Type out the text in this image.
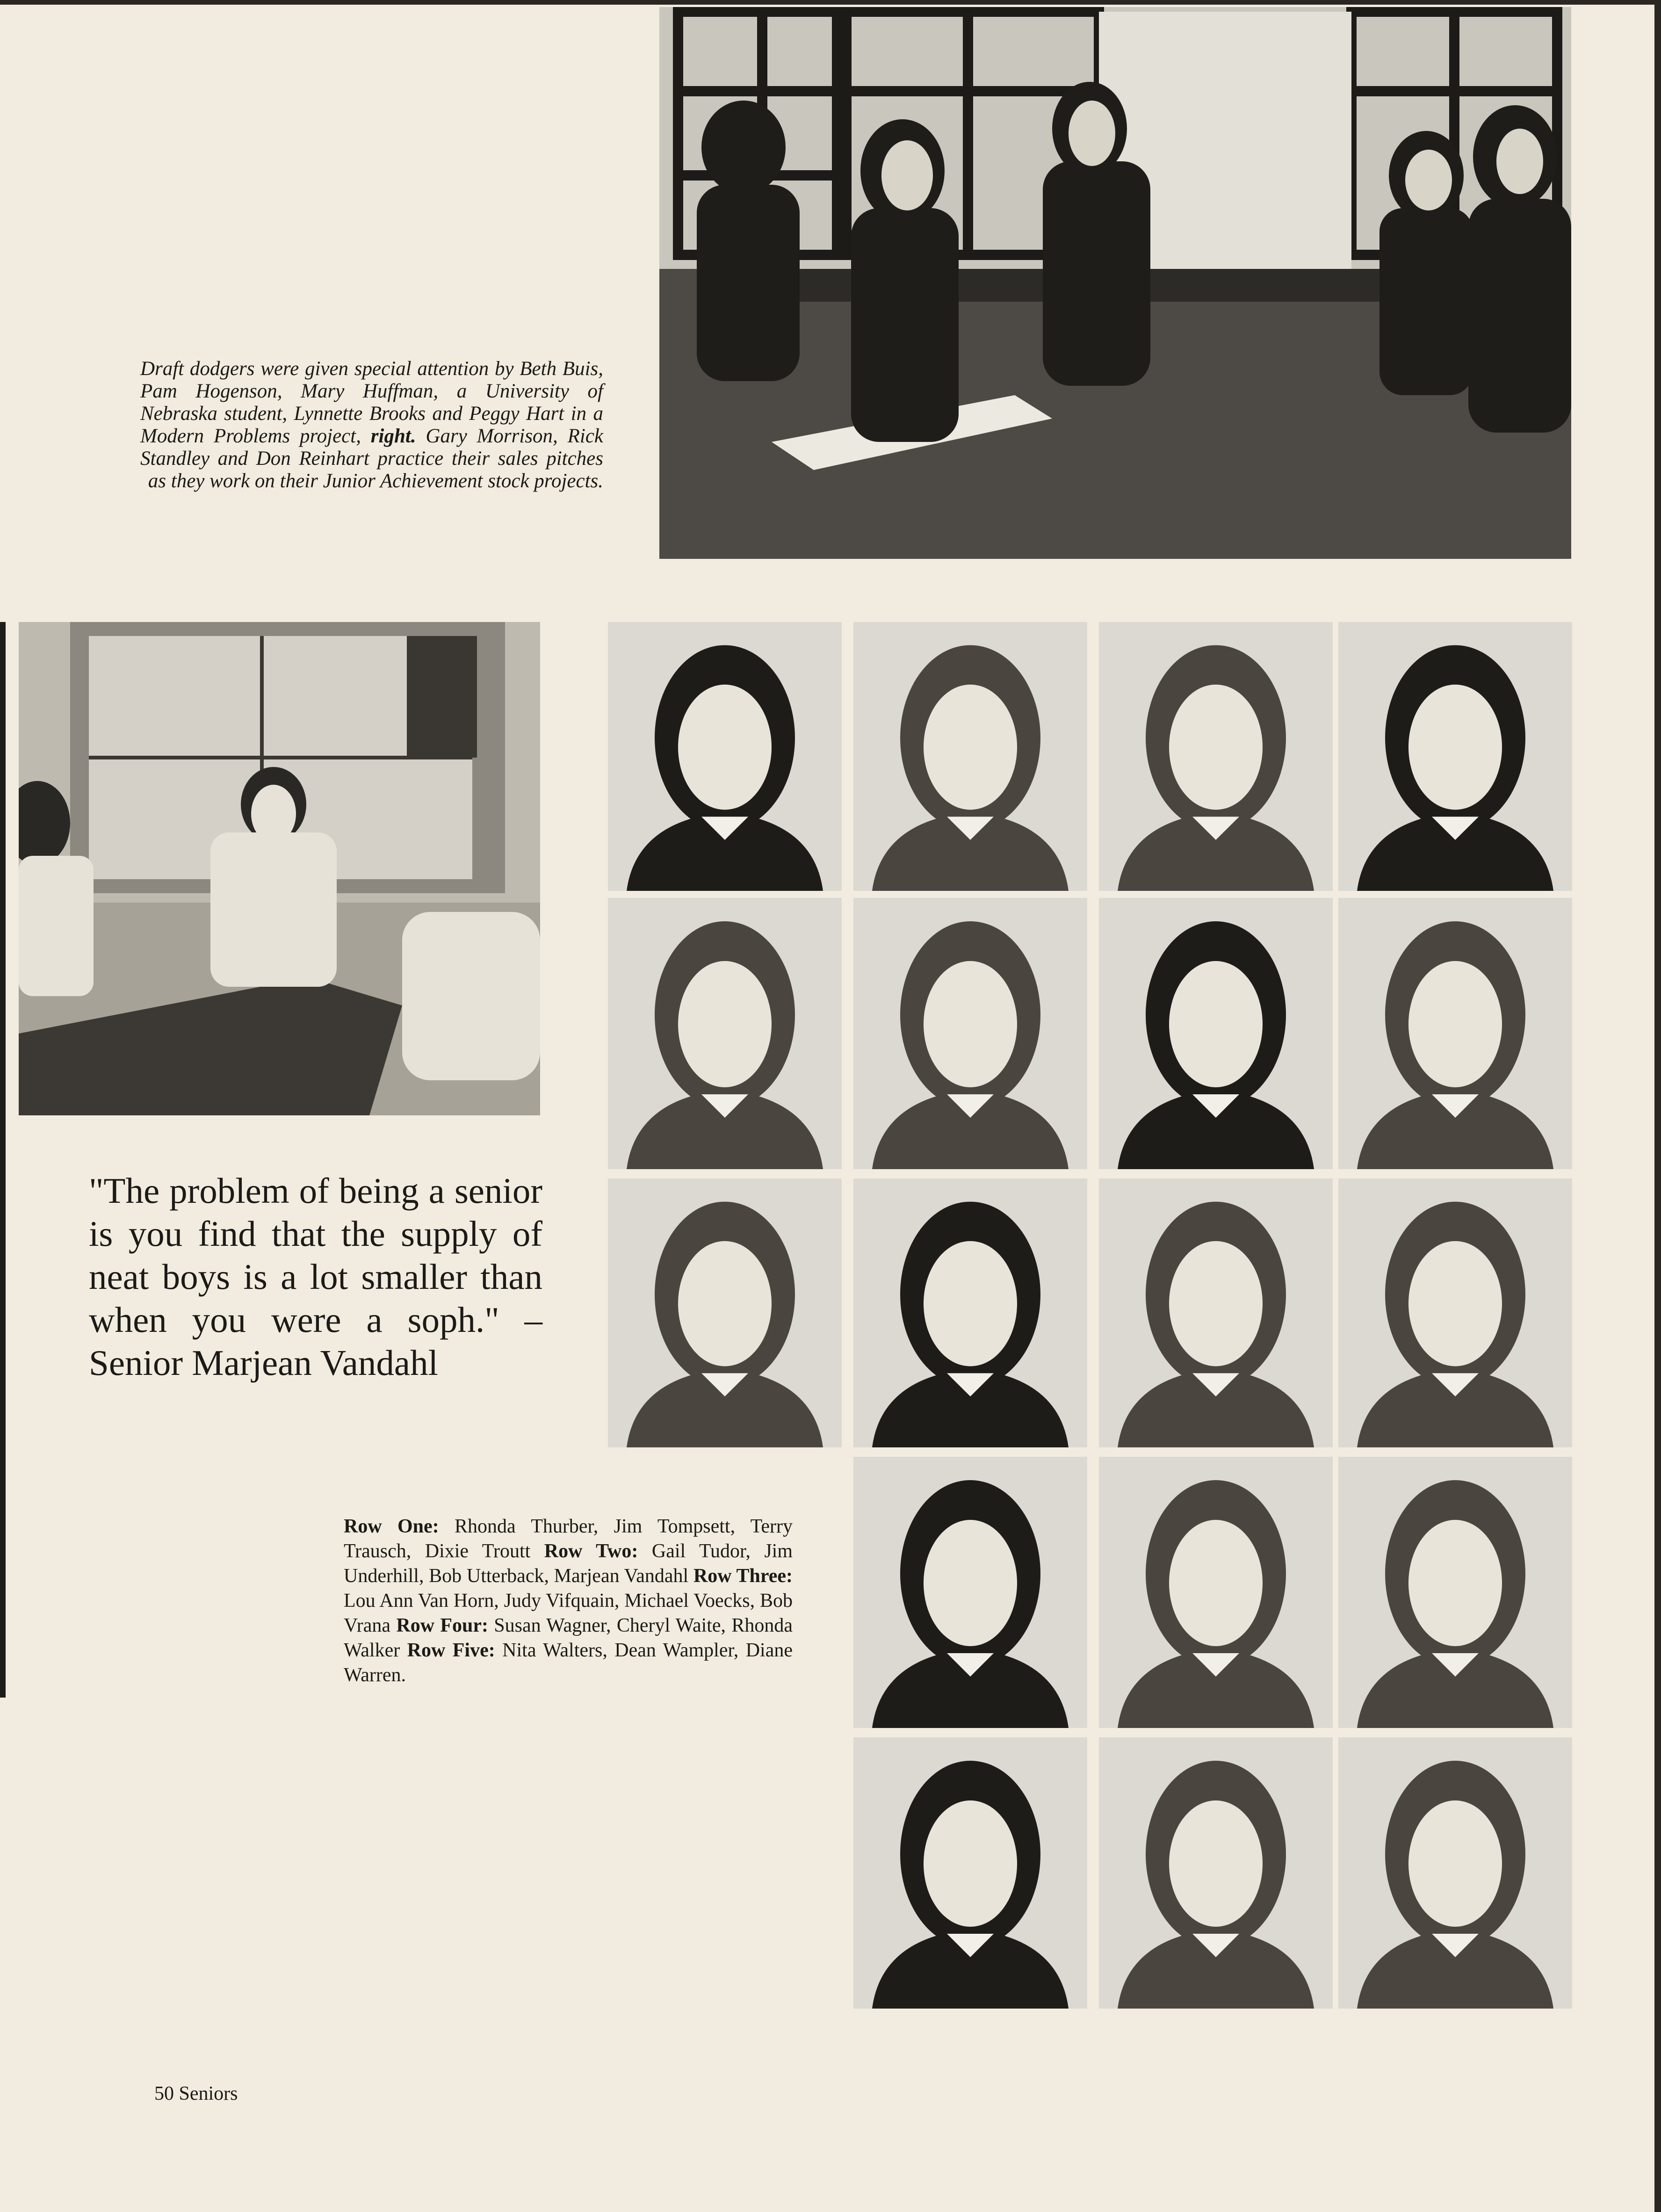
Draft dodgers were given special attention by Beth Buis, Pam Hogenson, Mary Huffman, a University of Nebraska student, Lynnette Brooks and Peggy Hart in a Modern Problems project, right. Gary Morrison, Rick Standley and Don Reinhart practice their sales pitches as they work on their Junior Achievement stock projects.
"The problem of being a senior is you find that the supply of neat boys is a lot smaller than when you were a soph." – Senior Marjean Vandahl
Row One: Rhonda Thurber, Jim Tompsett, Terry Trausch, Dixie Troutt Row Two: Gail Tudor, Jim Underhill, Bob Utterback, Marjean Vandahl Row Three: Lou Ann Van Horn, Judy Vifquain, Michael Voecks, Bob Vrana Row Four: Susan Wagner, Cheryl Waite, Rhonda Walker Row Five: Nita Walters, Dean Wampler, Diane Warren.
50 Seniors
